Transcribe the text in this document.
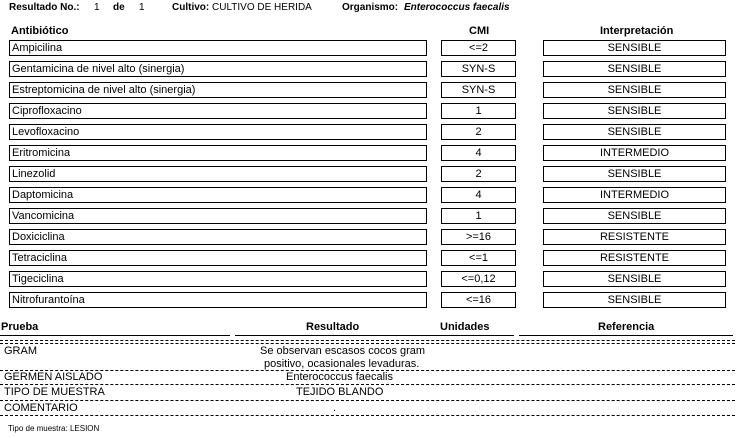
Resultado No.: 1 de 1	Cultivo: CULTIVO DE HERIDA	Organismo: Enterococcus faecalis
Antibiótico	CMI	Interpretación
Ampicilina	<=2	SENSIBLE
Gentamicina de nivel alto (sinergia)	SYN-S	SENSIBLE
Estreptomicina de nivel alto (sinergia)	SYN-S	SENSIBLE
Ciprofloxacino	1	SENSIBLE
Levofloxacino	2	SENSIBLE
Eritromicina	4	INTERMEDIO
Linezolid	2	SENSIBLE
Daptomicina	4	INTERMEDIO
Vancomicina	1	SENSIBLE
Doxiciclina	>=16	RESISTENTE
Tetraciclina	<=1	RESISTENTE
Tigeciclina	<=0,12	SENSIBLE
Nitrofurantoína	<=16	SENSIBLE
Prueba	Resultado	Unidades	Referencia
GRAM	Se observan escasos cocos gram
positivo, ocasionales levaduras.
GERMEN AISLADO	Enterococcus faecalis
TIPO DE MUESTRA	TEJIDO BLANDO
COMENTARIO	.
Tipo de muestra: LESION
